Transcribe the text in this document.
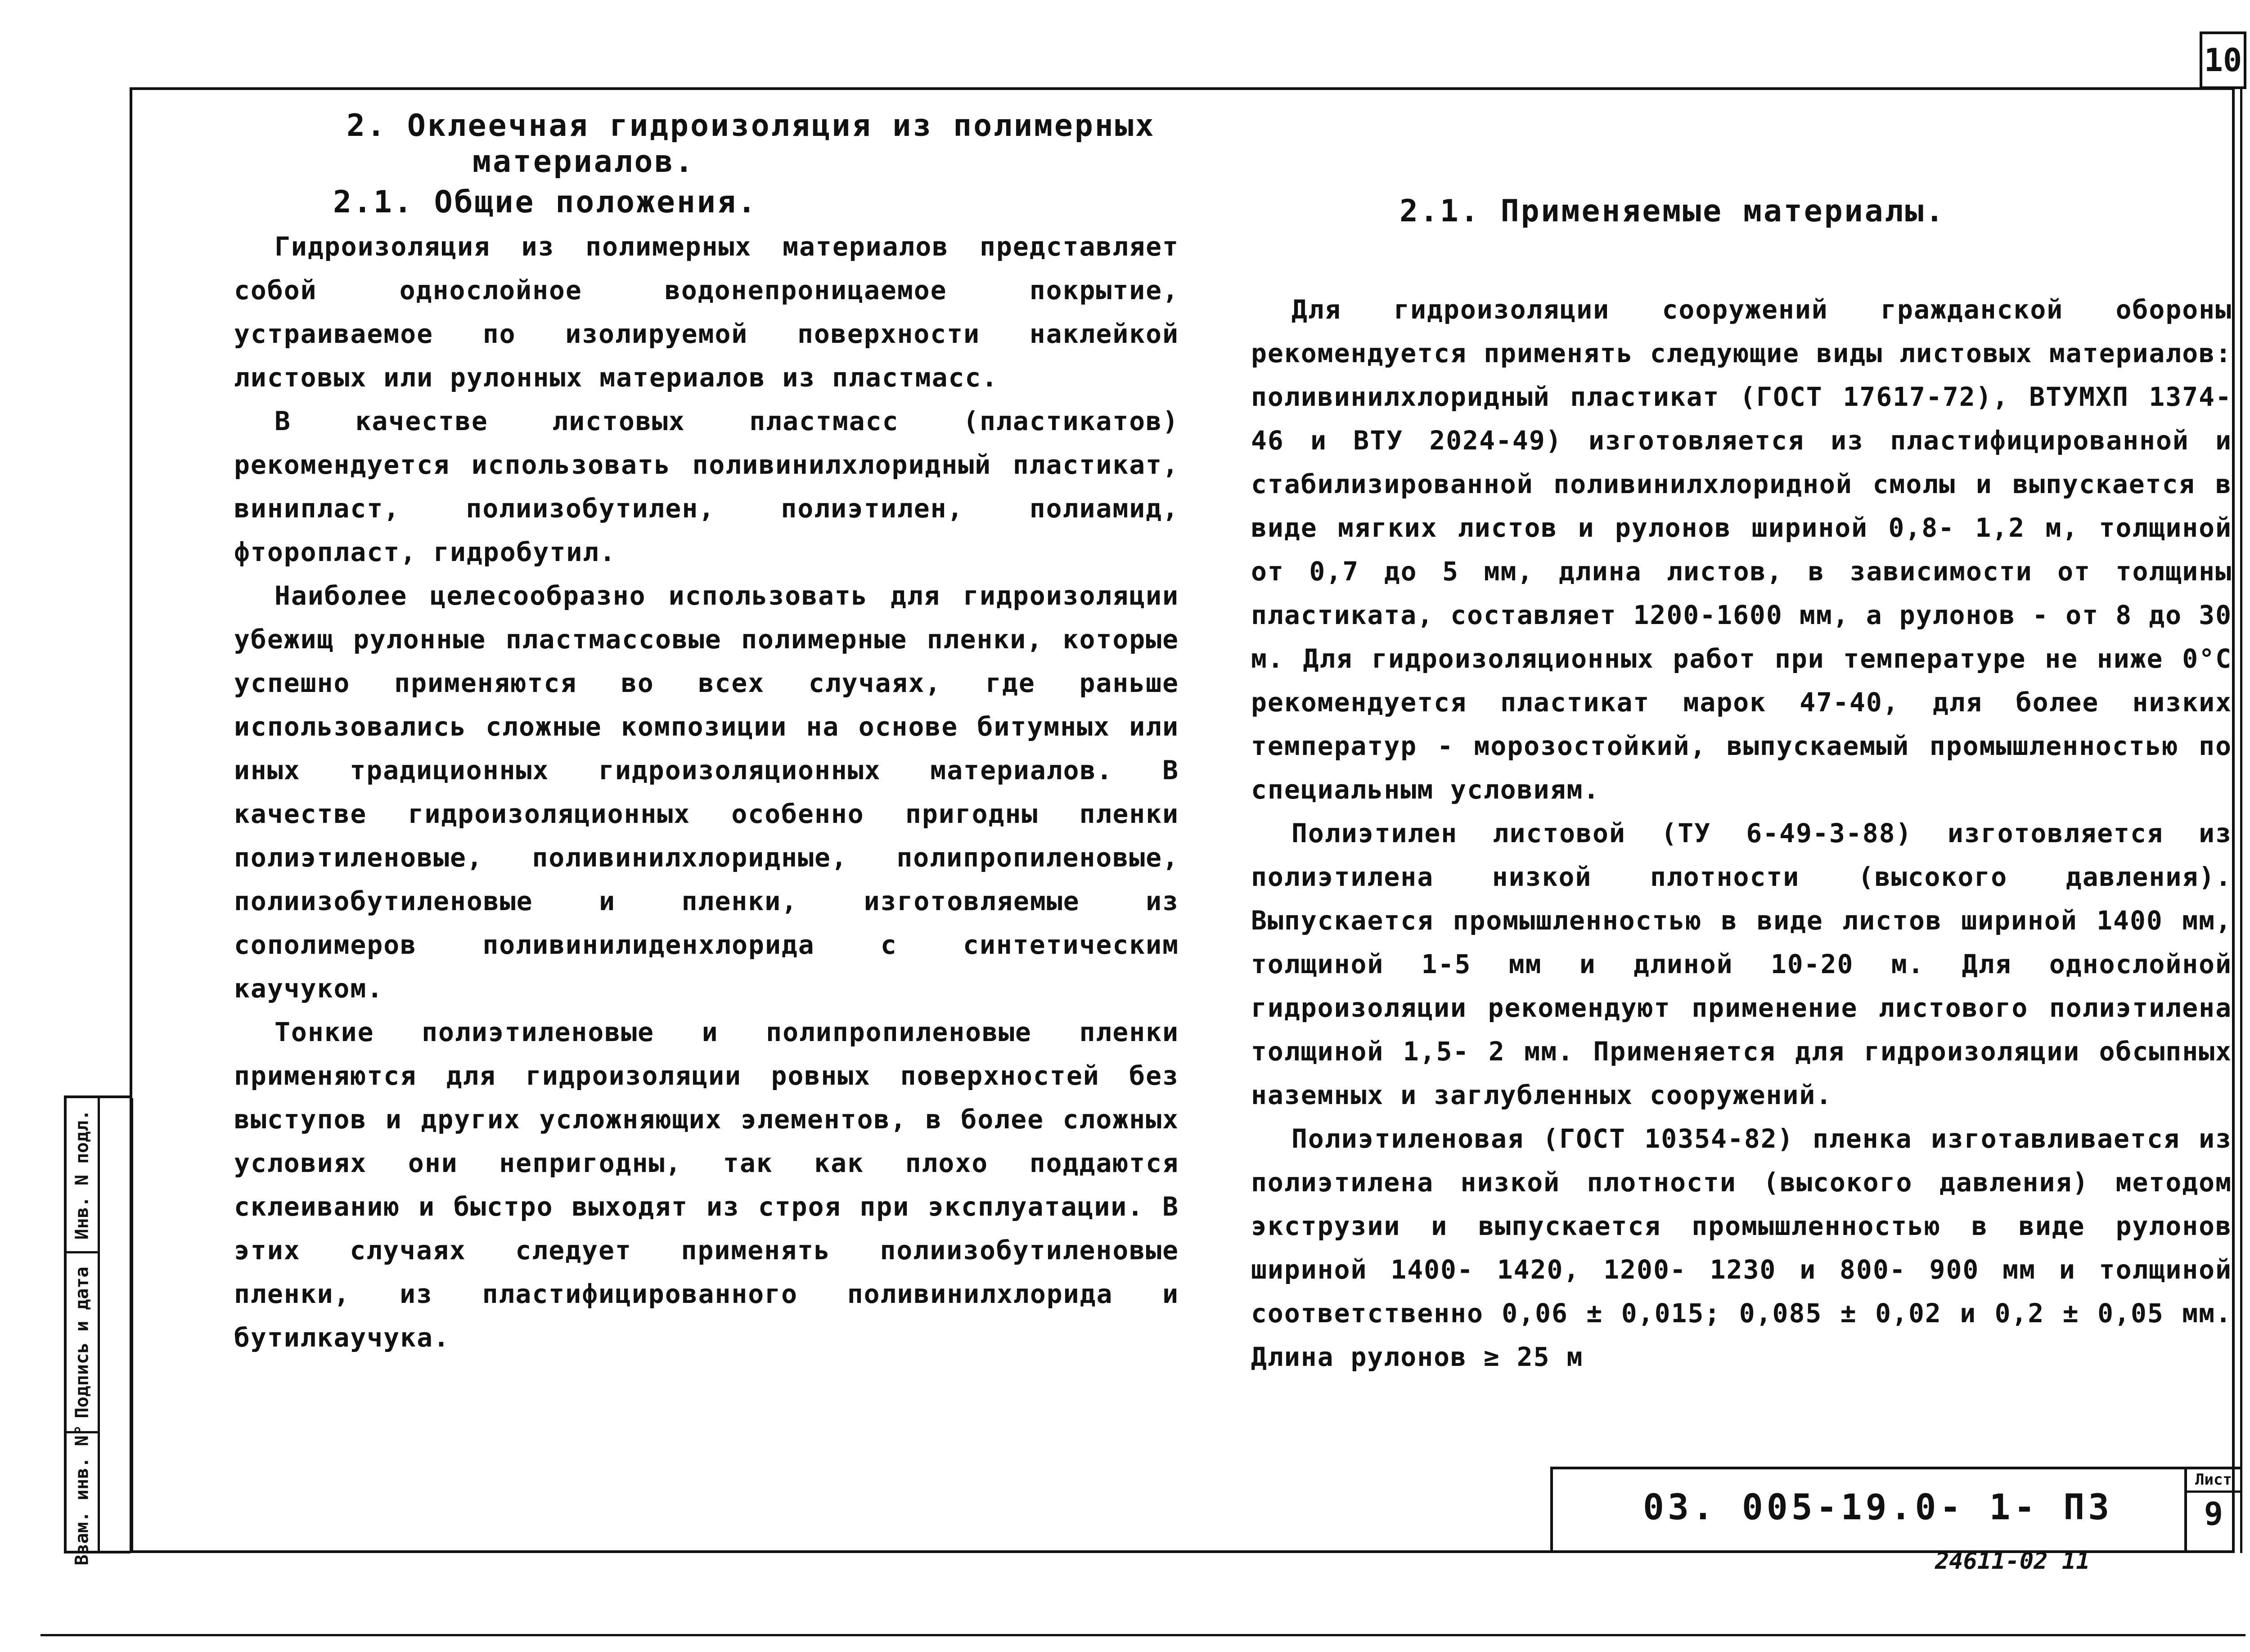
10
2. Оклеечная гидроизоляция из полимерных
материалов.
2.1. Общие положения.	2.1. Применяемые материалы.

Гидроизоляция из полимерных материалов представляет собой однослойное водонепроницаемое покрытие, устраиваемое по изолируемой поверхности наклейкой листовых или рулонных материалов из пластмасс.

В качестве листовых пластмасс (пластикатов) рекомендуется использовать поливинилхлоридный пластикат, винипласт, полиизобутилен, полиэтилен, полиамид, фторопласт, гидробутил.

Наиболее целесообразно использовать для гидроизоляции убежищ рулонные пластмассовые полимерные пленки, которые успешно применяются во всех случаях, где раньше использовались сложные композиции на основе битумных или иных традиционных гидроизоляционных материалов. В качестве гидроизоляционных особенно пригодны пленки полиэтиленовые, поливинилхлоридные, полипропиленовые, полиизобутиленовые и пленки, изготовляемые из сополимеров поливинилиденхлорида с синтетическим каучуком.

Тонкие полиэтиленовые и полипропиленовые пленки применяются для гидроизоляции ровных поверхностей без выступов и других усложняющих элементов, в более сложных условиях они непригодны, так как плохо поддаются склеиванию и быстро выходят из строя при эксплуатации. В этих случаях следует применять полиизобутиленовые пленки, из пластифицированного поливинилхлорида и бутилкаучука.

Для гидроизоляции сооружений гражданской обороны рекомендуется применять следующие виды листовых материалов: поливинилхлоридный пластикат (ГОСТ 17617-72), ВТУМХП 1374-46 и ВТУ 2024-49) изготовляется из пластифицированной и стабилизированной поливинилхлоридной смолы и выпускается в виде мягких листов и рулонов шириной 0,8- 1,2 м, толщиной от 0,7 до 5 мм, длина листов, в зависимости от толщины пластиката, составляет 1200-1600 мм, а рулонов - от 8 до 30 м. Для гидроизоляционных работ при температуре не ниже 0°С рекомендуется пластикат марок 47-40, для более низких температур - морозостойкий, выпускаемый промышленностью по специальным условиям.

Полиэтилен листовой (ТУ 6-49-3-88) изготовляется из полиэтилена низкой плотности (высокого давления). Выпускается промышленностью в виде листов шириной 1400 мм, толщиной 1-5 мм и длиной 10-20 м. Для однослойной гидроизоляции рекомендуют применение листового полиэтилена толщиной 1,5- 2 мм. Применяется для гидроизоляции обсыпных наземных и заглубленных сооружений.

Полиэтиленовая (ГОСТ 10354-82) пленка изготавливается из полиэтилена низкой плотности (высокого давления) методом экструзии и выпускается промышленностью в виде рулонов шириной 1400- 1420, 1200- 1230 и 800- 900 мм и толщиной соответственно 0,06 ± 0,015; 0,085 ± 0,02 и 0,2 ± 0,05 мм. Длина рулонов ≥ 25 м

Инв. N подл.
Подпись и дата
Взам. инв. N°	03. 005-19.0- 1- ПЗ
Лист
9
24611-02 11
